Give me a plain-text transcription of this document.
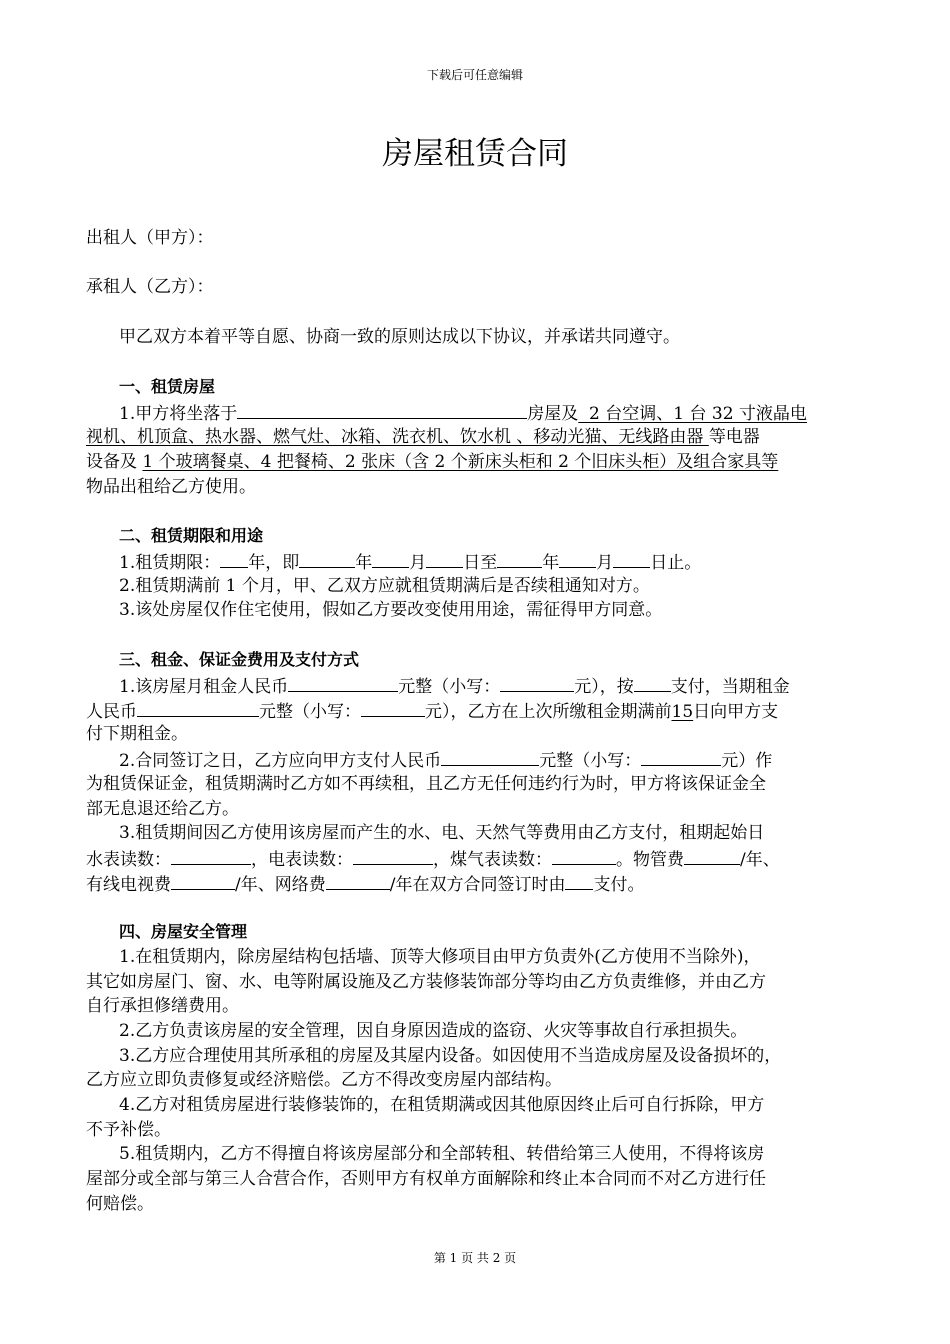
下载后可任意编辑
房屋租赁合同
出租人（甲方）：
承租人（乙方）：
甲乙双方本着平等自愿、协商一致的原则达成以下协议，并承诺共同遵守。
一、租赁房屋
1.甲方将坐落于	房屋及 2 台空调、1 台 32 寸液晶电
视机、机顶盒、热水器、燃气灶、冰箱、洗衣机、饮水机 、移动光猫、无线路由器 等电器
设备及 1 个玻璃餐桌、4 把餐椅、2 张床（含 2 个新床头柜和 2 个旧床头柜）及组合家具等
物品出租给乙方使用。
二、租赁期限和用途
1.租赁期限： 年，即	年 月 日至	年 月 日止。
2.租赁期满前 1 个月，甲、乙双方应就租赁期满后是否续租通知对方。
3.该处房屋仅作住宅使用，假如乙方要改变使用用途，需征得甲方同意。
三、租金、保证金费用及支付方式
1.该房屋月租金人民币	元整（小写：	元），按 支付，当期租金
人民币	元整（小写：	元），乙方在上次所缴租金期满前15日向甲方支
付下期租金。
2.合同签订之日，乙方应向甲方支付人民币	元整（小写：	元）作
为租赁保证金，租赁期满时乙方如不再续租，且乙方无任何违约行为时，甲方将该保证金全
部无息退还给乙方。
3.租赁期间因乙方使用该房屋而产生的水、电、天然气等费用由乙方支付，租期起始日
水表读数：	，电表读数：	，煤气表读数：	。物管费	/年、
有线电视费	/年、网络费	/年在双方合同签订时由 支付。
四、房屋安全管理
1.在租赁期内，除房屋结构包括墙、顶等大修项目由甲方负责外(乙方使用不当除外)，
其它如房屋门、窗、水、电等附属设施及乙方装修装饰部分等均由乙方负责维修，并由乙方
自行承担修缮费用。
2.乙方负责该房屋的安全管理，因自身原因造成的盗窃、火灾等事故自行承担损失。
3.乙方应合理使用其所承租的房屋及其屋内设备。如因使用不当造成房屋及设备损坏的，
乙方应立即负责修复或经济赔偿。乙方不得改变房屋内部结构。
4.乙方对租赁房屋进行装修装饰的，在租赁期满或因其他原因终止后可自行拆除，甲方
不予补偿。
5.租赁期内，乙方不得擅自将该房屋部分和全部转租、转借给第三人使用，不得将该房
屋部分或全部与第三人合营合作，否则甲方有权单方面解除和终止本合同而不对乙方进行任
何赔偿。
第 1 页 共 2 页
